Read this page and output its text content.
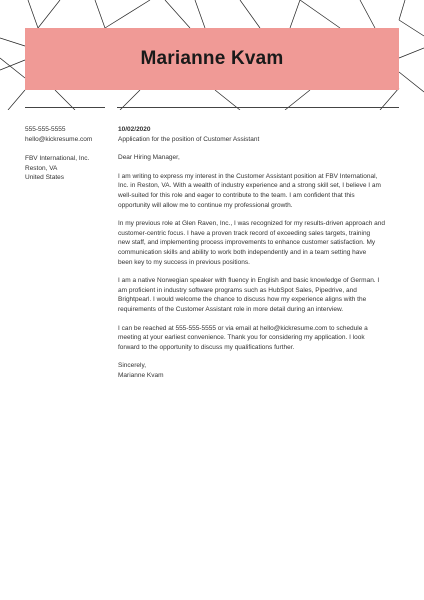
Marianne Kvam
555-555-5555
hello@kickresume.com
FBV International, Inc.
Reston, VA
United States
10/02/2020
Application for the position of Customer Assistant

Dear Hiring Manager,

I am writing to express my interest in the Customer Assistant position at FBV International,
Inc. in Reston, VA. With a wealth of industry experience and a strong skill set, I believe I am
well-suited for this role and eager to contribute to the team. I am confident that this
opportunity will allow me to continue my professional growth.

In my previous role at Glen Raven, Inc., I was recognized for my results-driven approach and
customer-centric focus. I have a proven track record of exceeding sales targets, training
new staff, and implementing process improvements to enhance customer satisfaction. My
communication skills and ability to work both independently and in a team setting have
been key to my success in previous positions.

I am a native Norwegian speaker with fluency in English and basic knowledge of German. I
am proficient in industry software programs such as HubSpot Sales, Pipedrive, and
Brightpearl. I would welcome the chance to discuss how my experience aligns with the
requirements of the Customer Assistant role in more detail during an interview.

I can be reached at 555-555-5555 or via email at hello@kickresume.com to schedule a
meeting at your earliest convenience. Thank you for considering my application. I look
forward to the opportunity to discuss my qualifications further.

Sincerely,
Marianne Kvam
